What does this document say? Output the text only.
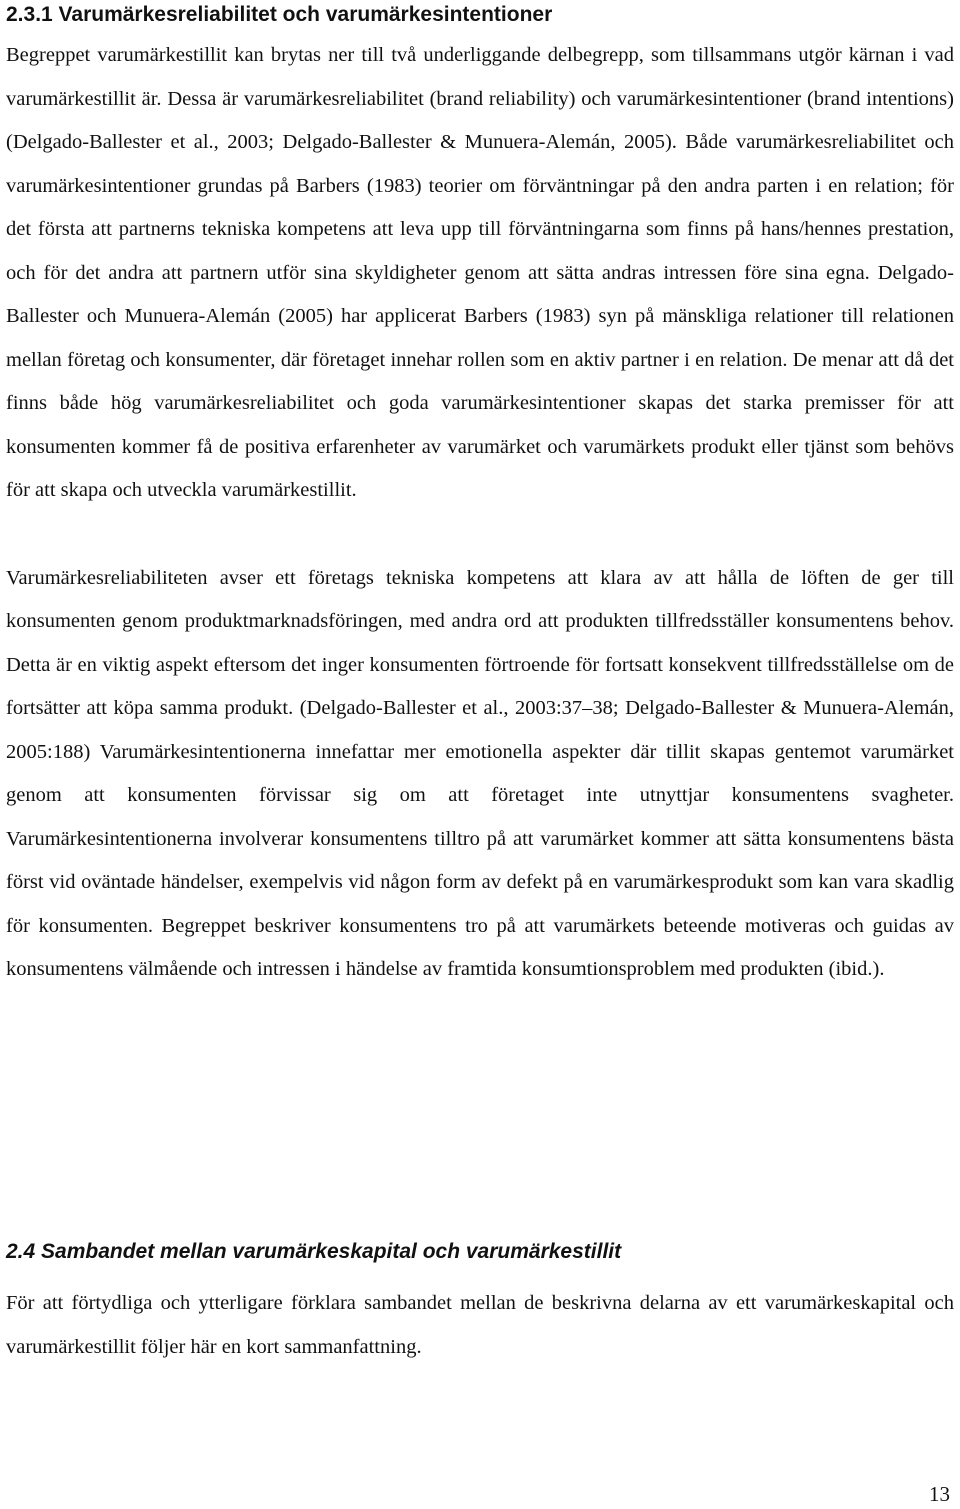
2.3.1 Varumärkesreliabilitet och varumärkesintentioner

Begreppet varumärkestillit kan brytas ner till två underliggande delbegrepp, som tillsammans utgör kärnan i vad varumärkestillit är. Dessa är varumärkesreliabilitet (brand reliability) och varumärkesintentioner (brand intentions) (Delgado-Ballester et al., 2003; Delgado-Ballester & Munuera-Alemán, 2005). Både varumärkesreliabilitet och varumärkesintentioner grundas på Barbers (1983) teorier om förväntningar på den andra parten i en relation; för det första att partnerns tekniska kompetens att leva upp till förväntningarna som finns på hans/hennes prestation, och för det andra att partnern utför sina skyldigheter genom att sätta andras intressen före sina egna. Delgado-Ballester och Munuera-Alemán (2005) har applicerat Barbers (1983) syn på mänskliga relationer till relationen mellan företag och konsumenter, där företaget innehar rollen som en aktiv partner i en relation. De menar att då det finns både hög varumärkesreliabilitet och goda varumärkesintentioner skapas det starka premisser för att konsumenten kommer få de positiva erfarenheter av varumärket och varumärkets produkt eller tjänst som behövs för att skapa och utveckla varumärkestillit.

Varumärkesreliabiliteten avser ett företags tekniska kompetens att klara av att hålla de löften de ger till konsumenten genom produktmarknadsföringen, med andra ord att produkten tillfredsställer konsumentens behov. Detta är en viktig aspekt eftersom det inger konsumenten förtroende för fortsatt konsekvent tillfredsställelse om de fortsätter att köpa samma produkt. (Delgado-Ballester et al., 2003:37–38; Delgado-Ballester & Munuera-Alemán, 2005:188) Varumärkesintentionerna innefattar mer emotionella aspekter där tillit skapas gentemot varumärket genom att konsumenten förvissar sig om att företaget inte utnyttjar konsumentens svagheter. Varumärkesintentionerna involverar konsumentens tilltro på att varumärket kommer att sätta konsumentens bästa först vid oväntade händelser, exempelvis vid någon form av defekt på en varumärkesprodukt som kan vara skadlig för konsumenten. Begreppet beskriver konsumentens tro på att varumärkets beteende motiveras och guidas av konsumentens välmående och intressen i händelse av framtida konsumtionsproblem med produkten (ibid.).

2.4 Sambandet mellan varumärkeskapital och varumärkestillit

För att förtydliga och ytterligare förklara sambandet mellan de beskrivna delarna av ett varumärkeskapital och varumärkestillit följer här en kort sammanfattning.

13
